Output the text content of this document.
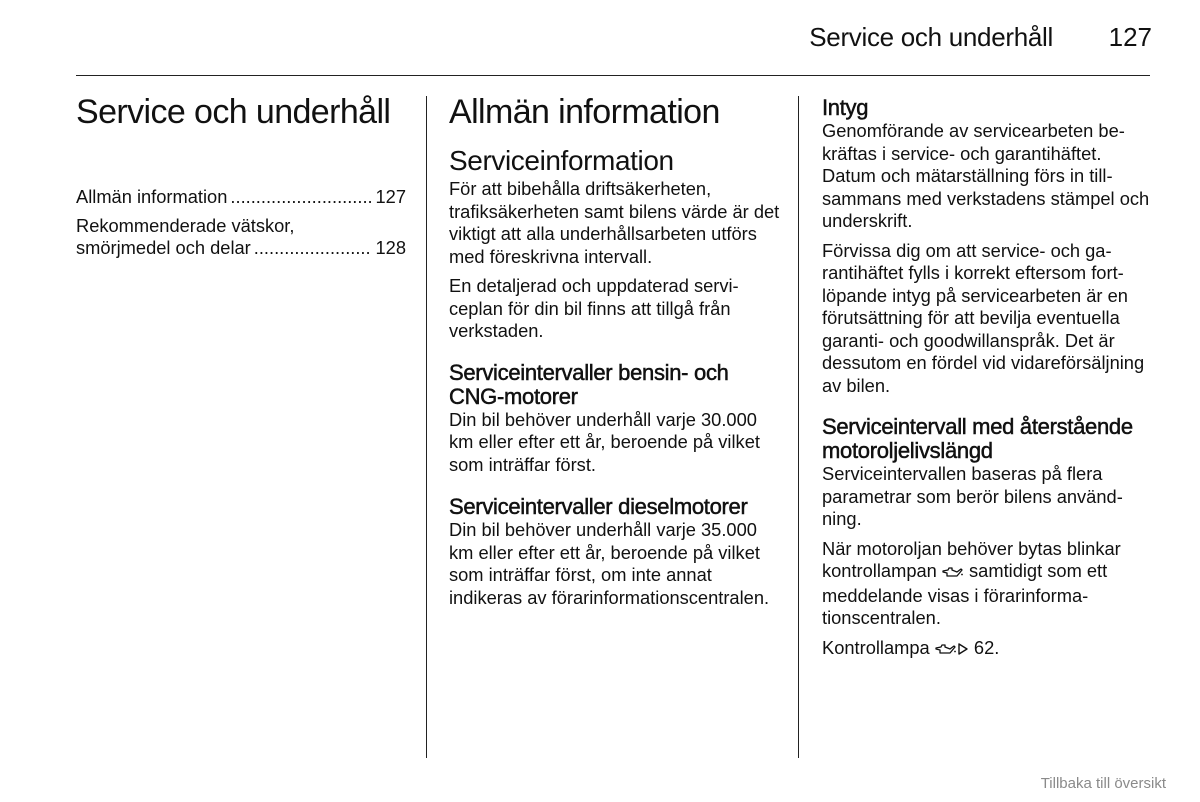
Service och underhåll 127
Service och underhåll
Allmän information .....	127
Rekommenderade vätskor,
smörjmedel och delar .....	128
Allmän information
Serviceinformation

För att bibehålla driftsäkerheten, trafiksäkerheten samt bilens värde är det viktigt att alla underhållsarbeten utförs med föreskrivna intervall.

En detaljerad och uppdaterad serviceplan för din bil finns att tillgå från verkstaden.

Serviceintervaller bensin- och CNG-motorer

Din bil behöver underhåll varje 30.000 km eller efter ett år, beroende på vilket som inträffar först.

Serviceintervaller dieselmotorer

Din bil behöver underhåll varje 35.000 km eller efter ett år, beroende på vilket som inträffar först, om inte annat indikeras av förarinformationscentralen.

Intyg

Genomförande av servicearbeten bekräftas i service- och garantihäftet. Datum och mätarställning förs in tillsammans med verkstadens stämpel och underskrift.

Förvissa dig om att service- och garantihäftet fylls i korrekt eftersom fortlöpande intyg på servicearbeten är en förutsättning för att bevilja eventuella garanti- och goodwillanspråk. Det är dessutom en fördel vid vidareförsäljning av bilen.

Serviceintervall med återstående motoroljelivslängd

Serviceintervallen baseras på flera parametrar som berör bilens användning.

När motoroljan behöver bytas blinkar kontrollampan samtidigt som ett meddelande visas i förarinformationscentralen.

Kontrollampa 62.

Tillbaka till översikt
